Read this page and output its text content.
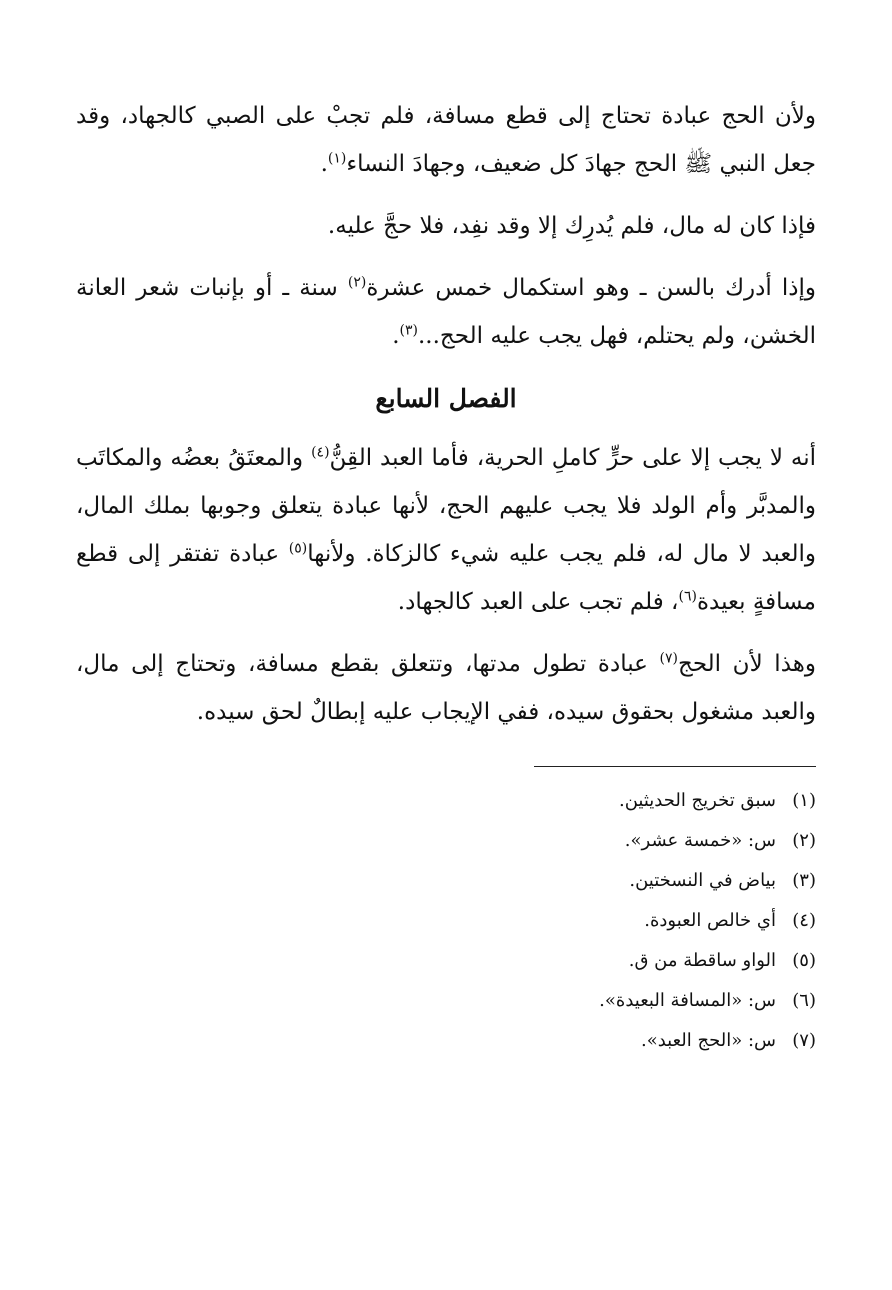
ولأن الحج عبادة تحتاج إلى قطع مسافة، فلم تجبْ على الصبي كالجهاد، وقد جعل النبي ﷺ الحج جهادَ كل ضعيف، وجهادَ النساء$^{(١)}$.

فإذا كان له مال، فلم يُدرِك إلا وقد نفِد، فلا حجَّ عليه.

وإذا أدرك بالسن ـ وهو استكمال خمس عشرة$^{(٢)}$ سنة ـ أو بإنبات شعر العانة الخشن، ولم يحتلم، فهل يجب عليه الحج...$^{(٣)}$.

الفصل السابع

أنه لا يجب إلا على حرٍّ كاملِ الحرية، فأما العبد القِنُّ$^{(٤)}$ والمعتَقُ بعضُه والمكاتَب والمدبَّر وأم الولد فلا يجب عليهم الحج، لأنها عبادة يتعلق وجوبها بملك المال، والعبد لا مال له، فلم يجب عليه شيء كالزكاة. ولأنها$^{(٥)}$ عبادة تفتقر إلى قطع مسافةٍ بعيدة$^{(٦)}$، فلم تجب على العبد كالجهاد.

وهذا لأن الحج$^{(٧)}$ عبادة تطول مدتها، وتتعلق بقطع مسافة، وتحتاج إلى مال، والعبد مشغول بحقوق سيده، ففي الإيجاب عليه إبطالٌ لحق سيده.

(١)سبق تخريج الحديثين.
(٢)س: «خمسة عشر».
(٣)بياض في النسختين.
(٤)أي خالص العبودة.
(٥)الواو ساقطة من ق.
(٦)س: «المسافة البعيدة».
(٧)س: «الحج العبد».
